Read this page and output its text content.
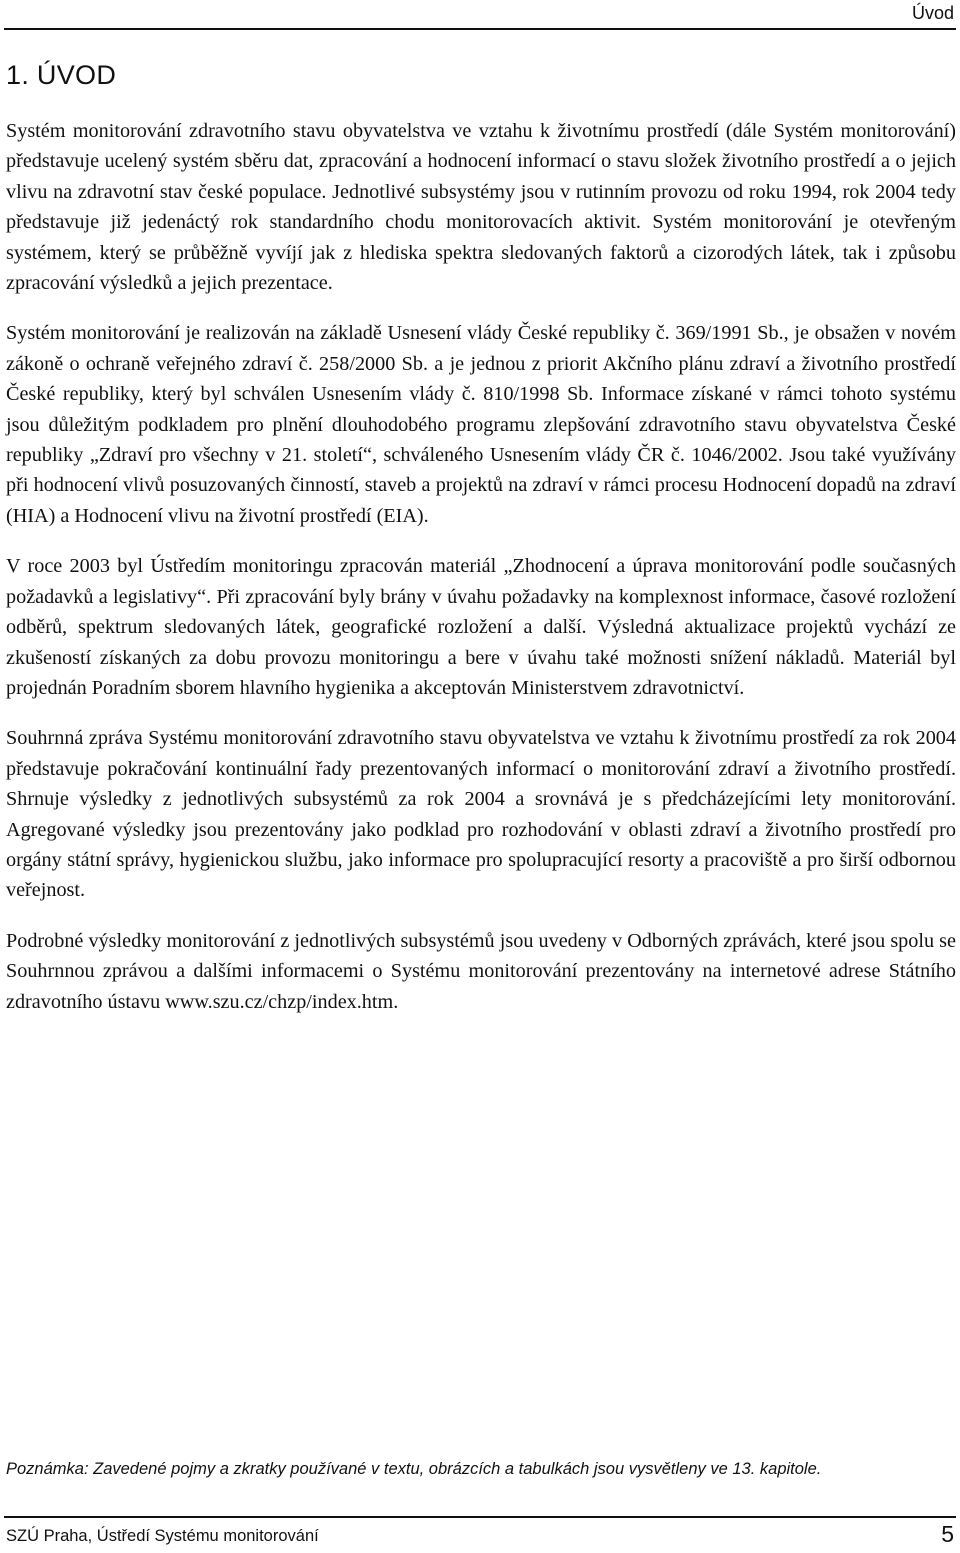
Úvod
1. ÚVOD

Systém monitorování zdravotního stavu obyvatelstva ve vztahu k životnímu prostředí (dále Systém monitorování) představuje ucelený systém sběru dat, zpracování a hodnocení informací o stavu složek životního prostředí a o jejich vlivu na zdravotní stav české populace. Jednotlivé subsystémy jsou v rutinním provozu od roku 1994, rok 2004 tedy představuje již jedenáctý rok standardního chodu monitorovacích aktivit. Systém monitorování je otevřeným systémem, který se průběžně vyvíjí jak z hlediska spektra sledovaných faktorů a cizorodých látek, tak i způsobu zpracování výsledků a jejich prezentace.

Systém monitorování je realizován na základě Usnesení vlády České republiky č. 369/1991 Sb., je obsažen v novém zákoně o ochraně veřejného zdraví č. 258/2000 Sb. a je jednou z priorit Akčního plánu zdraví a životního prostředí České republiky, který byl schválen Usnesením vlády č. 810/1998 Sb. Informace získané v rámci tohoto systému jsou důležitým podkladem pro plnění dlouhodobého programu zlepšování zdravotního stavu obyvatelstva České republiky „Zdraví pro všechny v 21. století“, schváleného Usnesením vlády ČR č. 1046/2002. Jsou také využívány při hodnocení vlivů posuzovaných činností, staveb a projektů na zdraví v rámci procesu Hodnocení dopadů na zdraví (HIA) a Hodnocení vlivu na životní prostředí (EIA).

V roce 2003 byl Ústředím monitoringu zpracován materiál „Zhodnocení a úprava monitorování podle současných požadavků a legislativy“. Při zpracování byly brány v úvahu požadavky na komplexnost informace, časové rozložení odběrů, spektrum sledovaných látek, geografické rozložení a další. Výsledná aktualizace projektů vychází ze zkušeností získaných za dobu provozu monitoringu a bere v úvahu také možnosti snížení nákladů. Materiál byl projednán Poradním sborem hlavního hygienika a akceptován Ministerstvem zdravotnictví.

Souhrnná zpráva Systému monitorování zdravotního stavu obyvatelstva ve vztahu k životnímu prostředí za rok 2004 představuje pokračování kontinuální řady prezentovaných informací o monitorování zdraví a životního prostředí. Shrnuje výsledky z jednotlivých subsystémů za rok 2004 a srovnává je s předcházejícími lety monitorování. Agregované výsledky jsou prezentovány jako podklad pro rozhodování v oblasti zdraví a životního prostředí pro orgány státní správy, hygienickou službu, jako informace pro spolupracující resorty a pracoviště a pro širší odbornou veřejnost.

Podrobné výsledky monitorování z jednotlivých subsystémů jsou uvedeny v Odborných zprávách, které jsou spolu se Souhrnnou zprávou a dalšími informacemi o Systému monitorování prezentovány na internetové adrese Státního zdravotního ústavu www.szu.cz/chzp/index.htm.

Poznámka: Zavedené pojmy a zkratky používané v textu, obrázcích a tabulkách jsou vysvětleny ve 13. kapitole.
SZÚ Praha, Ústředí Systému monitorování	5
